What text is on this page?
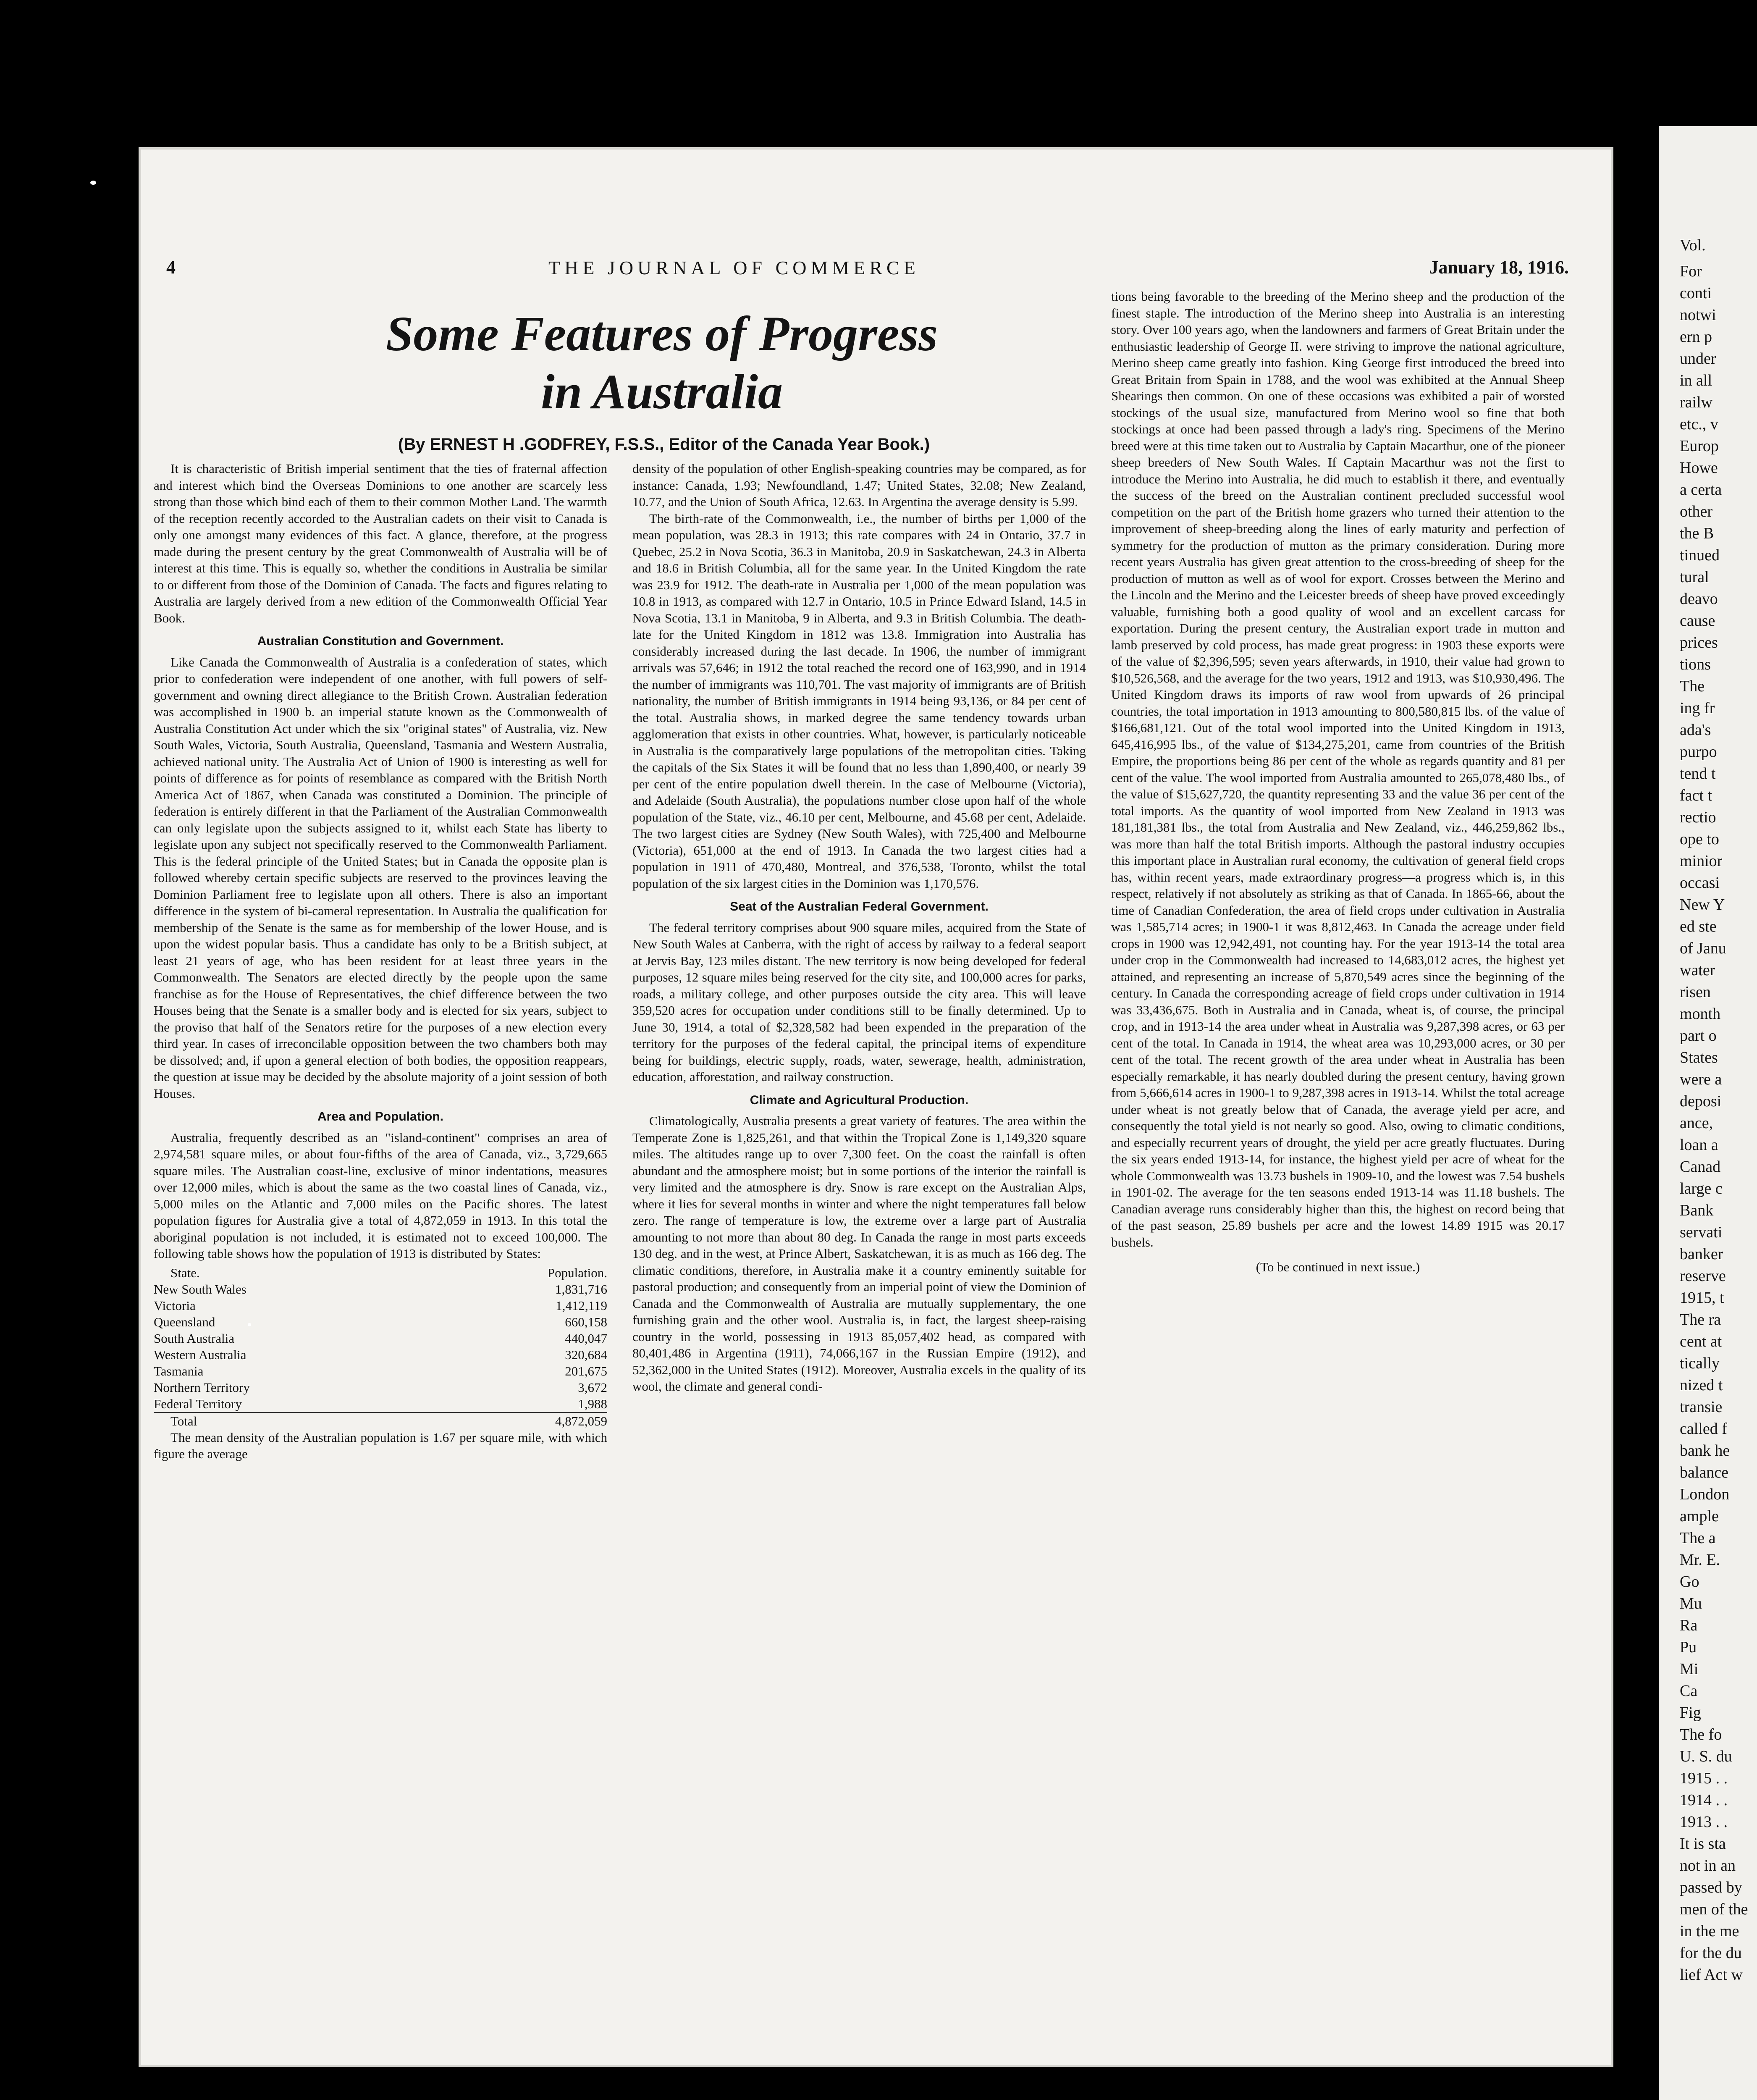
4	THE JOURNAL OF COMMERCE	January 18, 1916.
Some Features of Progress
in Australia
(By ERNEST H .GODFREY, F.S.S., Editor of the Canada Year Book.)

It is characteristic of British imperial sentiment that the ties of fraternal affection and interest which bind the Overseas Dominions to one another are scarcely less strong than those which bind each of them to their common Mother Land. The warmth of the reception recently accorded to the Australian cadets on their visit to Canada is only one amongst many evidences of this fact. A glance, therefore, at the progress made during the present century by the great Commonwealth of Australia will be of interest at this time. This is equally so, whether the conditions in Australia be similar to or different from those of the Dominion of Canada. The facts and figures relating to Australia are largely derived from a new edition of the Commonwealth Official Year Book.

Australian Constitution and Government.

Like Canada the Commonwealth of Australia is a confederation of states, which prior to confederation were independent of one another, with full powers of self-government and owning direct allegiance to the British Crown. Australian federation was accomplished in 1900 b. an imperial statute known as the Commonwealth of Australia Constitution Act under which the six "original states" of Australia, viz. New South Wales, Victoria, South Australia, Queensland, Tasmania and Western Australia, achieved national unity. The Australia Act of Union of 1900 is interesting as well for points of difference as for points of resemblance as compared with the British North America Act of 1867, when Canada was constituted a Dominion. The principle of federation is entirely different in that the Parliament of the Australian Commonwealth can only legislate upon the subjects assigned to it, whilst each State has liberty to legislate upon any subject not specifically reserved to the Commonwealth Parliament. This is the federal principle of the United States; but in Canada the opposite plan is followed whereby certain specific subjects are reserved to the provinces leaving the Dominion Parliament free to legislate upon all others. There is also an important difference in the system of bi-cameral representation. In Australia the qualification for membership of the Senate is the same as for membership of the lower House, and is upon the widest popular basis. Thus a candidate has only to be a British subject, at least 21 years of age, who has been resident for at least three years in the Commonwealth. The Senators are elected directly by the people upon the same franchise as for the House of Representatives, the chief difference between the two Houses being that the Senate is a smaller body and is elected for six years, subject to the proviso that half of the Senators retire for the purposes of a new election every third year. In cases of irreconcilable opposition between the two chambers both may be dissolved; and, if upon a general election of both bodies, the opposition reappears, the question at issue may be decided by the absolute majority of a joint session of both Houses.

Area and Population.

Australia, frequently described as an "island-continent" comprises an area of 2,974,581 square miles, or about four-fifths of the area of Canada, viz., 3,729,665 square miles. The Australian coast-line, exclusive of minor indentations, measures over 12,000 miles, which is about the same as the two coastal lines of Canada, viz., 5,000 miles on the Atlantic and 7,000 miles on the Pacific shores. The latest population figures for Australia give a total of 4,872,059 in 1913. In this total the aboriginal population is not included, it is estimated not to exceed 100,000. The following table shows how the population of 1913 is distributed by States:

State.	Population.
New South Wales	1,831,716
Victoria	1,412,119
Queensland	660,158
South Australia	440,047
Western Australia	320,684
Tasmania	201,675
Northern Territory	3,672
Federal Territory	1,988
Total	4,872,059

The mean density of the Australian population is 1.67 per square mile, with which figure the average

density of the population of other English-speaking countries may be compared, as for instance: Canada, 1.93; Newfoundland, 1.47; United States, 32.08; New Zealand, 10.77, and the Union of South Africa, 12.63. In Argentina the average density is 5.99.

The birth-rate of the Commonwealth, i.e., the number of births per 1,000 of the mean population, was 28.3 in 1913; this rate compares with 24 in Ontario, 37.7 in Quebec, 25.2 in Nova Scotia, 36.3 in Manitoba, 20.9 in Saskatchewan, 24.3 in Alberta and 18.6 in British Columbia, all for the same year. In the United Kingdom the rate was 23.9 for 1912. The death-rate in Australia per 1,000 of the mean population was 10.8 in 1913, as compared with 12.7 in Ontario, 10.5 in Prince Edward Island, 14.5 in Nova Scotia, 13.1 in Manitoba, 9 in Alberta, and 9.3 in British Columbia. The death-late for the United Kingdom in 1812 was 13.8. Immigration into Australia has considerably increased during the last decade. In 1906, the number of immigrant arrivals was 57,646; in 1912 the total reached the record one of 163,990, and in 1914 the number of immigrants was 110,701. The vast majority of immigrants are of British nationality, the number of British immigrants in 1914 being 93,136, or 84 per cent of the total. Australia shows, in marked degree the same tendency towards urban agglomeration that exists in other countries. What, however, is particularly noticeable in Australia is the comparatively large populations of the metropolitan cities. Taking the capitals of the Six States it will be found that no less than 1,890,400, or nearly 39 per cent of the entire population dwell therein. In the case of Melbourne (Victoria), and Adelaide (South Australia), the populations number close upon half of the whole population of the State, viz., 46.10 per cent, Melbourne, and 45.68 per cent, Adelaide. The two largest cities are Sydney (New South Wales), with 725,400 and Melbourne (Victoria), 651,000 at the end of 1913. In Canada the two largest cities had a population in 1911 of 470,480, Montreal, and 376,538, Toronto, whilst the total population of the six largest cities in the Dominion was 1,170,576.

Seat of the Australian Federal Government.

The federal territory comprises about 900 square miles, acquired from the State of New South Wales at Canberra, with the right of access by railway to a federal seaport at Jervis Bay, 123 miles distant. The new territory is now being developed for federal purposes, 12 square miles being reserved for the city site, and 100,000 acres for parks, roads, a military college, and other purposes outside the city area. This will leave 359,520 acres for occupation under conditions still to be finally determined. Up to June 30, 1914, a total of $2,328,582 had been expended in the preparation of the territory for the purposes of the federal capital, the principal items of expenditure being for buildings, electric supply, roads, water, sewerage, health, administration, education, afforestation, and railway construction.

Climate and Agricultural Production.

Climatologically, Australia presents a great variety of features. The area within the Temperate Zone is 1,825,261, and that within the Tropical Zone is 1,149,320 square miles. The altitudes range up to over 7,300 feet. On the coast the rainfall is often abundant and the atmosphere moist; but in some portions of the interior the rainfall is very limited and the atmosphere is dry. Snow is rare except on the Australian Alps, where it lies for several months in winter and where the night temperatures fall below zero. The range of temperature is low, the extreme over a large part of Australia amounting to not more than about 80 deg. In Canada the range in most parts exceeds 130 deg. and in the west, at Prince Albert, Saskatchewan, it is as much as 166 deg. The climatic conditions, therefore, in Australia make it a country eminently suitable for pastoral production; and consequently from an imperial point of view the Dominion of Canada and the Commonwealth of Australia are mutually supplementary, the one furnishing grain and the other wool. Australia is, in fact, the largest sheep-raising country in the world, possessing in 1913 85,057,402 head, as compared with 80,401,486 in Argentina (1911), 74,066,167 in the Russian Empire (1912), and 52,362,000 in the United States (1912). Moreover, Australia excels in the quality of its wool, the climate and general condi-

tions being favorable to the breeding of the Merino sheep and the production of the finest staple. The introduction of the Merino sheep into Australia is an interesting story. Over 100 years ago, when the landowners and farmers of Great Britain under the enthusiastic leadership of George II. were striving to improve the national agriculture, Merino sheep came greatly into fashion. King George first introduced the breed into Great Britain from Spain in 1788, and the wool was exhibited at the Annual Sheep Shearings then common. On one of these occasions was exhibited a pair of worsted stockings of the usual size, manufactured from Merino wool so fine that both stockings at once had been passed through a lady's ring. Specimens of the Merino breed were at this time taken out to Australia by Captain Macarthur, one of the pioneer sheep breeders of New South Wales. If Captain Macarthur was not the first to introduce the Merino into Australia, he did much to establish it there, and eventually the success of the breed on the Australian continent precluded successful wool competition on the part of the British home grazers who turned their attention to the improvement of sheep-breeding along the lines of early maturity and perfection of symmetry for the production of mutton as the primary consideration. During more recent years Australia has given great attention to the cross-breeding of sheep for the production of mutton as well as of wool for export. Crosses between the Merino and the Lincoln and the Merino and the Leicester breeds of sheep have proved exceedingly valuable, furnishing both a good quality of wool and an excellent carcass for exportation. During the present century, the Australian export trade in mutton and lamb preserved by cold process, has made great progress: in 1903 these exports were of the value of $2,396,595; seven years afterwards, in 1910, their value had grown to $10,526,568, and the average for the two years, 1912 and 1913, was $10,930,496. The United Kingdom draws its imports of raw wool from upwards of 26 principal countries, the total importation in 1913 amounting to 800,580,815 lbs. of the value of $166,681,121. Out of the total wool imported into the United Kingdom in 1913, 645,416,995 lbs., of the value of $134,275,201, came from countries of the British Empire, the proportions being 86 per cent of the whole as regards quantity and 81 per cent of the value. The wool imported from Australia amounted to 265,078,480 lbs., of the value of $15,627,720, the quantity representing 33 and the value 36 per cent of the total imports. As the quantity of wool imported from New Zealand in 1913 was 181,181,381 lbs., the total from Australia and New Zealand, viz., 446,259,862 lbs., was more than half the total British imports. Although the pastoral industry occupies this important place in Australian rural economy, the cultivation of general field crops has, within recent years, made extraordinary progress—a progress which is, in this respect, relatively if not absolutely as striking as that of Canada. In 1865-66, about the time of Canadian Confederation, the area of field crops under cultivation in Australia was 1,585,714 acres; in 1900-1 it was 8,812,463. In Canada the acreage under field crops in 1900 was 12,942,491, not counting hay. For the year 1913-14 the total area under crop in the Commonwealth had increased to 14,683,012 acres, the highest yet attained, and representing an increase of 5,870,549 acres since the beginning of the century. In Canada the corresponding acreage of field crops under cultivation in 1914 was 33,436,675. Both in Australia and in Canada, wheat is, of course, the principal crop, and in 1913-14 the area under wheat in Australia was 9,287,398 acres, or 63 per cent of the total. In Canada in 1914, the wheat area was 10,293,000 acres, or 30 per cent of the total. The recent growth of the area under wheat in Australia has been especially remarkable, it has nearly doubled during the present century, having grown from 5,666,614 acres in 1900-1 to 9,287,398 acres in 1913-14. Whilst the total acreage under wheat is not greatly below that of Canada, the average yield per acre, and consequently the total yield is not nearly so good. Also, owing to climatic conditions, and especially recurrent years of drought, the yield per acre greatly fluctuates. During the six years ended 1913-14, for instance, the highest yield per acre of wheat for the whole Commonwealth was 13.73 bushels in 1909-10, and the lowest was 7.54 bushels in 1901-02. The average for the ten seasons ended 1913-14 was 11.18 bushels. The Canadian average runs considerably higher than this, the highest on record being that of the past season, 25.89 bushels per acre and the lowest 14.89 1915 was 20.17 bushels.

(To be continued in next issue.)
Vol.
For
conti
notwi
ern p
under
in all
railw
etc., v
Europ
Howe
a certa
other
the B
tinued
tural
deavo
cause
prices
tions
The
ing fr
ada's
purpo
tend t
fact t
rectio
ope to
minior
occasi
New Y
ed ste
of Janu
water
risen
month
part o
States
were a
deposi
ance,
loan a
Canad
large c
Bank
servati
banker
reserve
1915, t
The ra
cent at
tically
nized t
transie
called f
bank he
balance
London
ample
The a
Mr. E.
Go
Mu
Ra
Pu
Mi
Ca
Fig
The fo
U. S. du
1915 . .
1914 . .
1913 . .
It is sta
not in an
passed by
men of the
in the me
for the du
lief Act w
